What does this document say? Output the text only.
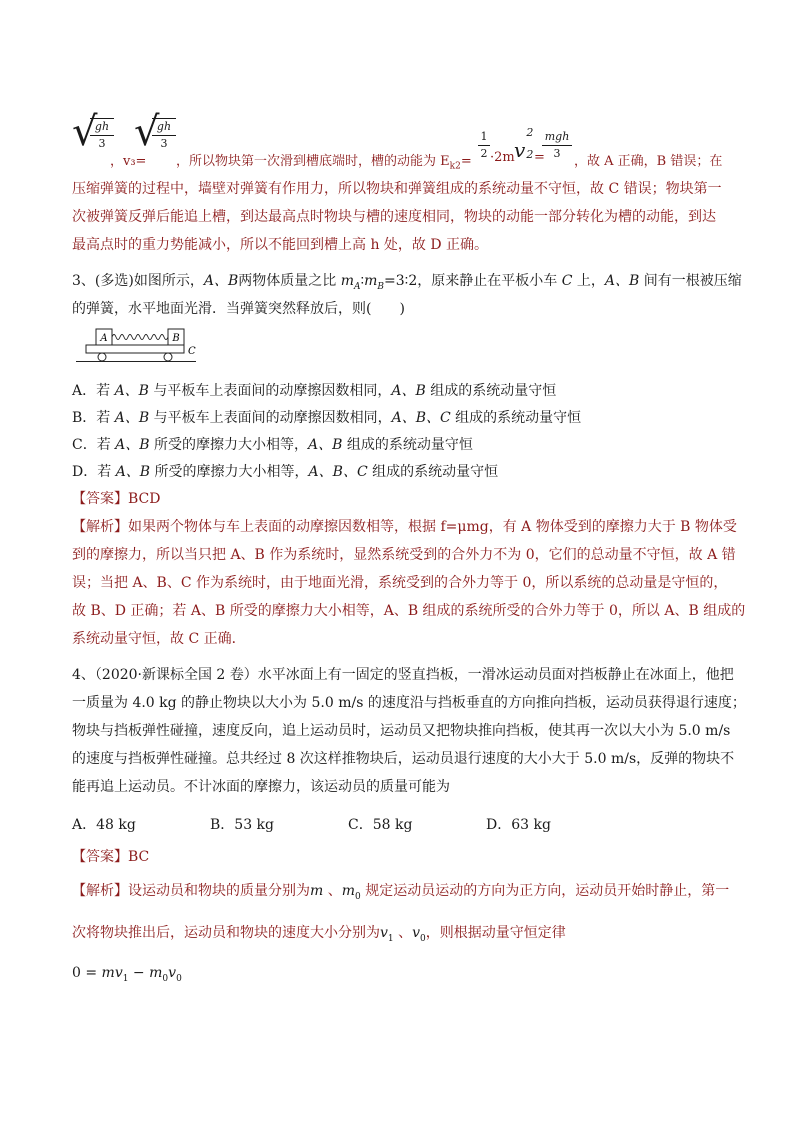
√
gh
3
，v₃=
√
gh
3
，所以物块第一次滑到槽底端时，槽的动能为 $E_{k2}=$
1
2 ·2m v
2
2 =
mgh
3
，故 A 正确，B 错误；在
压缩弹簧的过程中，墙壁对弹簧有作用力，所以物块和弹簧组成的系统动量不守恒，故 C 错误；物块第一
次被弹簧反弹后能追上槽，到达最高点时物块与槽的速度相同，物块的动能一部分转化为槽的动能，到达
最高点时的重力势能减小，所以不能回到槽上高 h 处，故 D 正确。
3、(多选)如图所示，A、B两物体质量之比 $m_A∶m_B=3∶2$，原来静止在平板小车 C 上，A、B 间有一根被压缩
的弹簧，水平地面光滑．当弹簧突然释放后，则(　　)
A	B
C
A．若 A、B 与平板车上表面间的动摩擦因数相同，A、B 组成的系统动量守恒
B．若 A、B 与平板车上表面间的动摩擦因数相同，A、B、C 组成的系统动量守恒
C．若 A、B 所受的摩擦力大小相等，A、B 组成的系统动量守恒
D．若 A、B 所受的摩擦力大小相等，A、B、C 组成的系统动量守恒
【答案】BCD
【解析】如果两个物体与车上表面的动摩擦因数相等，根据 f=μmg，有 A 物体受到的摩擦力大于 B 物体受
到的摩擦力，所以当只把 A、B 作为系统时，显然系统受到的合外力不为 0，它们的总动量不守恒，故 A 错
误；当把 A、B、C 作为系统时，由于地面光滑，系统受到的合外力等于 0，所以系统的总动量是守恒的，
故 B、D 正确；若 A、B 所受的摩擦力大小相等，A、B 组成的系统所受的合外力等于 0，所以 A、B 组成的
系统动量守恒，故 C 正确．
4、（2020·新课标全国 2 卷）水平冰面上有一固定的竖直挡板，一滑冰运动员面对挡板静止在冰面上，他把
一质量为 4.0 kg 的静止物块以大小为 5.0 m/s 的速度沿与挡板垂直的方向推向挡板，运动员获得退行速度；
物块与挡板弹性碰撞，速度反向，追上运动员时，运动员又把物块推向挡板，使其再一次以大小为 5.0 m/s
的速度与挡板弹性碰撞。总共经过 8 次这样推物块后，运动员退行速度的大小大于 5.0 m/s，反弹的物块不
能再追上运动员。不计冰面的摩擦力，该运动员的质量可能为
A．48 kg	B．53 kg	C．58 kg	D．63 kg
【答案】BC
【解析】设运动员和物块的质量分别为m 、$m_0$ 规定运动员运动的方向为正方向，运动员开始时静止，第一
次将物块推出后，运动员和物块的速度大小分别为$v_1$ 、$v_0$，则根据动量守恒定律
$0 = mv_1 - m_0v_0$
